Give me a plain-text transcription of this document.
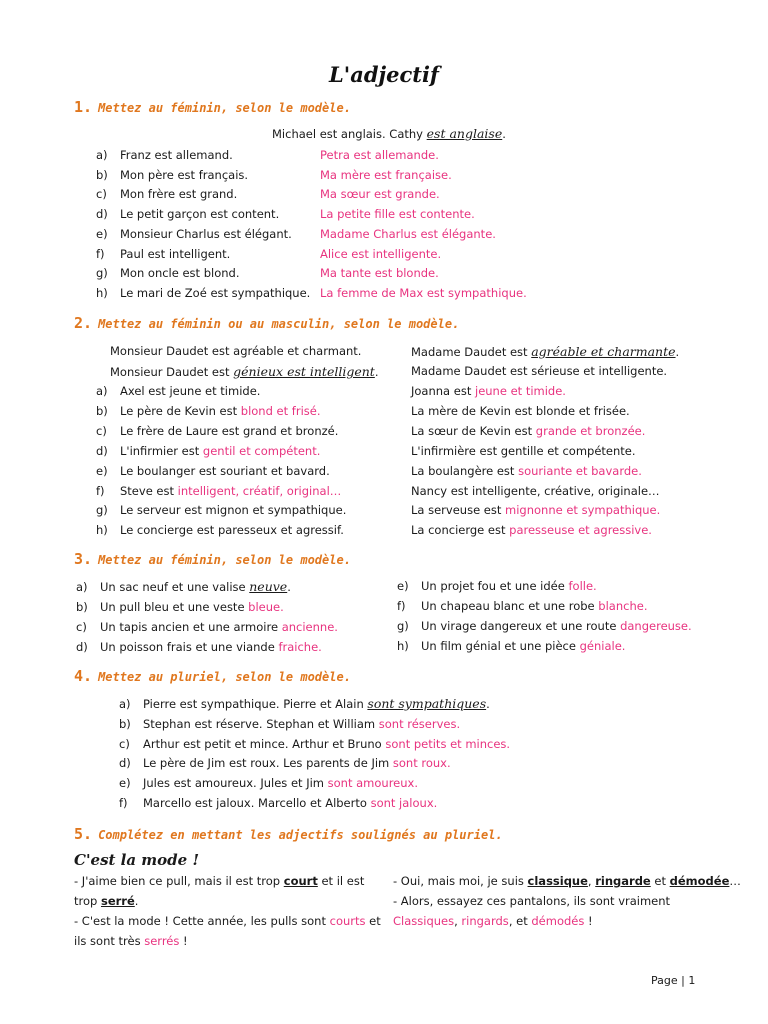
L'adjectif
1. Mettez au féminin, selon le modèle.
Michael est anglais. Cathy est anglaise.
a) Franz est allemand.	Petra est allemande.
b) Mon père est français.	Ma mère est française.
c) Mon frère est grand.	Ma sœur est grande.
d) Le petit garçon est content.	La petite fille est contente.
e) Monsieur Charlus est élégant. Madame Charlus est élégante.
f) Paul est intelligent.	Alice est intelligente.
g) Mon oncle est blond.	Ma tante est blonde.
h) Le mari de Zoé est sympathique. La femme de Max est sympathique.
2. Mettez au féminin ou au masculin, selon le modèle.
Monsieur Daudet est agréable et charmant.	Madame Daudet est agréable et charmante.
Monsieur Daudet est génieux est intelligent.	Madame Daudet est sérieuse et intelligente.
a) Axel est jeune et timide.	Joanna est jeune et timide.
b) Le père de Kevin est blond et frisé.	La mère de Kevin est blonde et frisée.
c) Le frère de Laure est grand et bronzé.	La sœur de Kevin est grande et bronzée.
d) L'infirmier est gentil et compétent.	L'infirmière est gentille et compétente.
e) Le boulanger est souriant et bavard.	La boulangère est souriante et bavarde.
f) Steve est intelligent, créatif, original…	Nancy est intelligente, créative, originale…
g) Le serveur est mignon et sympathique.	La serveuse est mignonne et sympathique.
h) Le concierge est paresseux et agressif.	La concierge est paresseuse et agressive.
3. Mettez au féminin, selon le modèle.
a) Un sac neuf et une valise neuve.
b) Un pull bleu et une veste bleue.
c) Un tapis ancien et une armoire ancienne.
d) Un poisson frais et une viande fraiche.
e) Un projet fou et une idée folle.
f) Un chapeau blanc et une robe blanche.
g) Un virage dangereux et une route dangereuse.
h) Un film génial et une pièce géniale.
4. Mettez au pluriel, selon le modèle.
a) Pierre est sympathique. Pierre et Alain sont sympathiques.
b) Stephan est réserve. Stephan et William sont réserves.
c) Arthur est petit et mince. Arthur et Bruno sont petits et minces.
d) Le père de Jim est roux. Les parents de Jim sont roux.
e) Jules est amoureux. Jules et Jim sont amoureux.
f) Marcello est jaloux. Marcello et Alberto sont jaloux.
5. Complétez en mettant les adjectifs soulignés au pluriel.
C'est la mode !
- J'aime bien ce pull, mais il est trop court et il est
trop serré.
- C'est la mode ! Cette année, les pulls sont courts et
ils sont très serrés !
- Oui, mais moi, je suis classique, ringarde et démodée…
- Alors, essayez ces pantalons, ils sont vraiment
Classiques, ringards, et démodés !
Page | 1
